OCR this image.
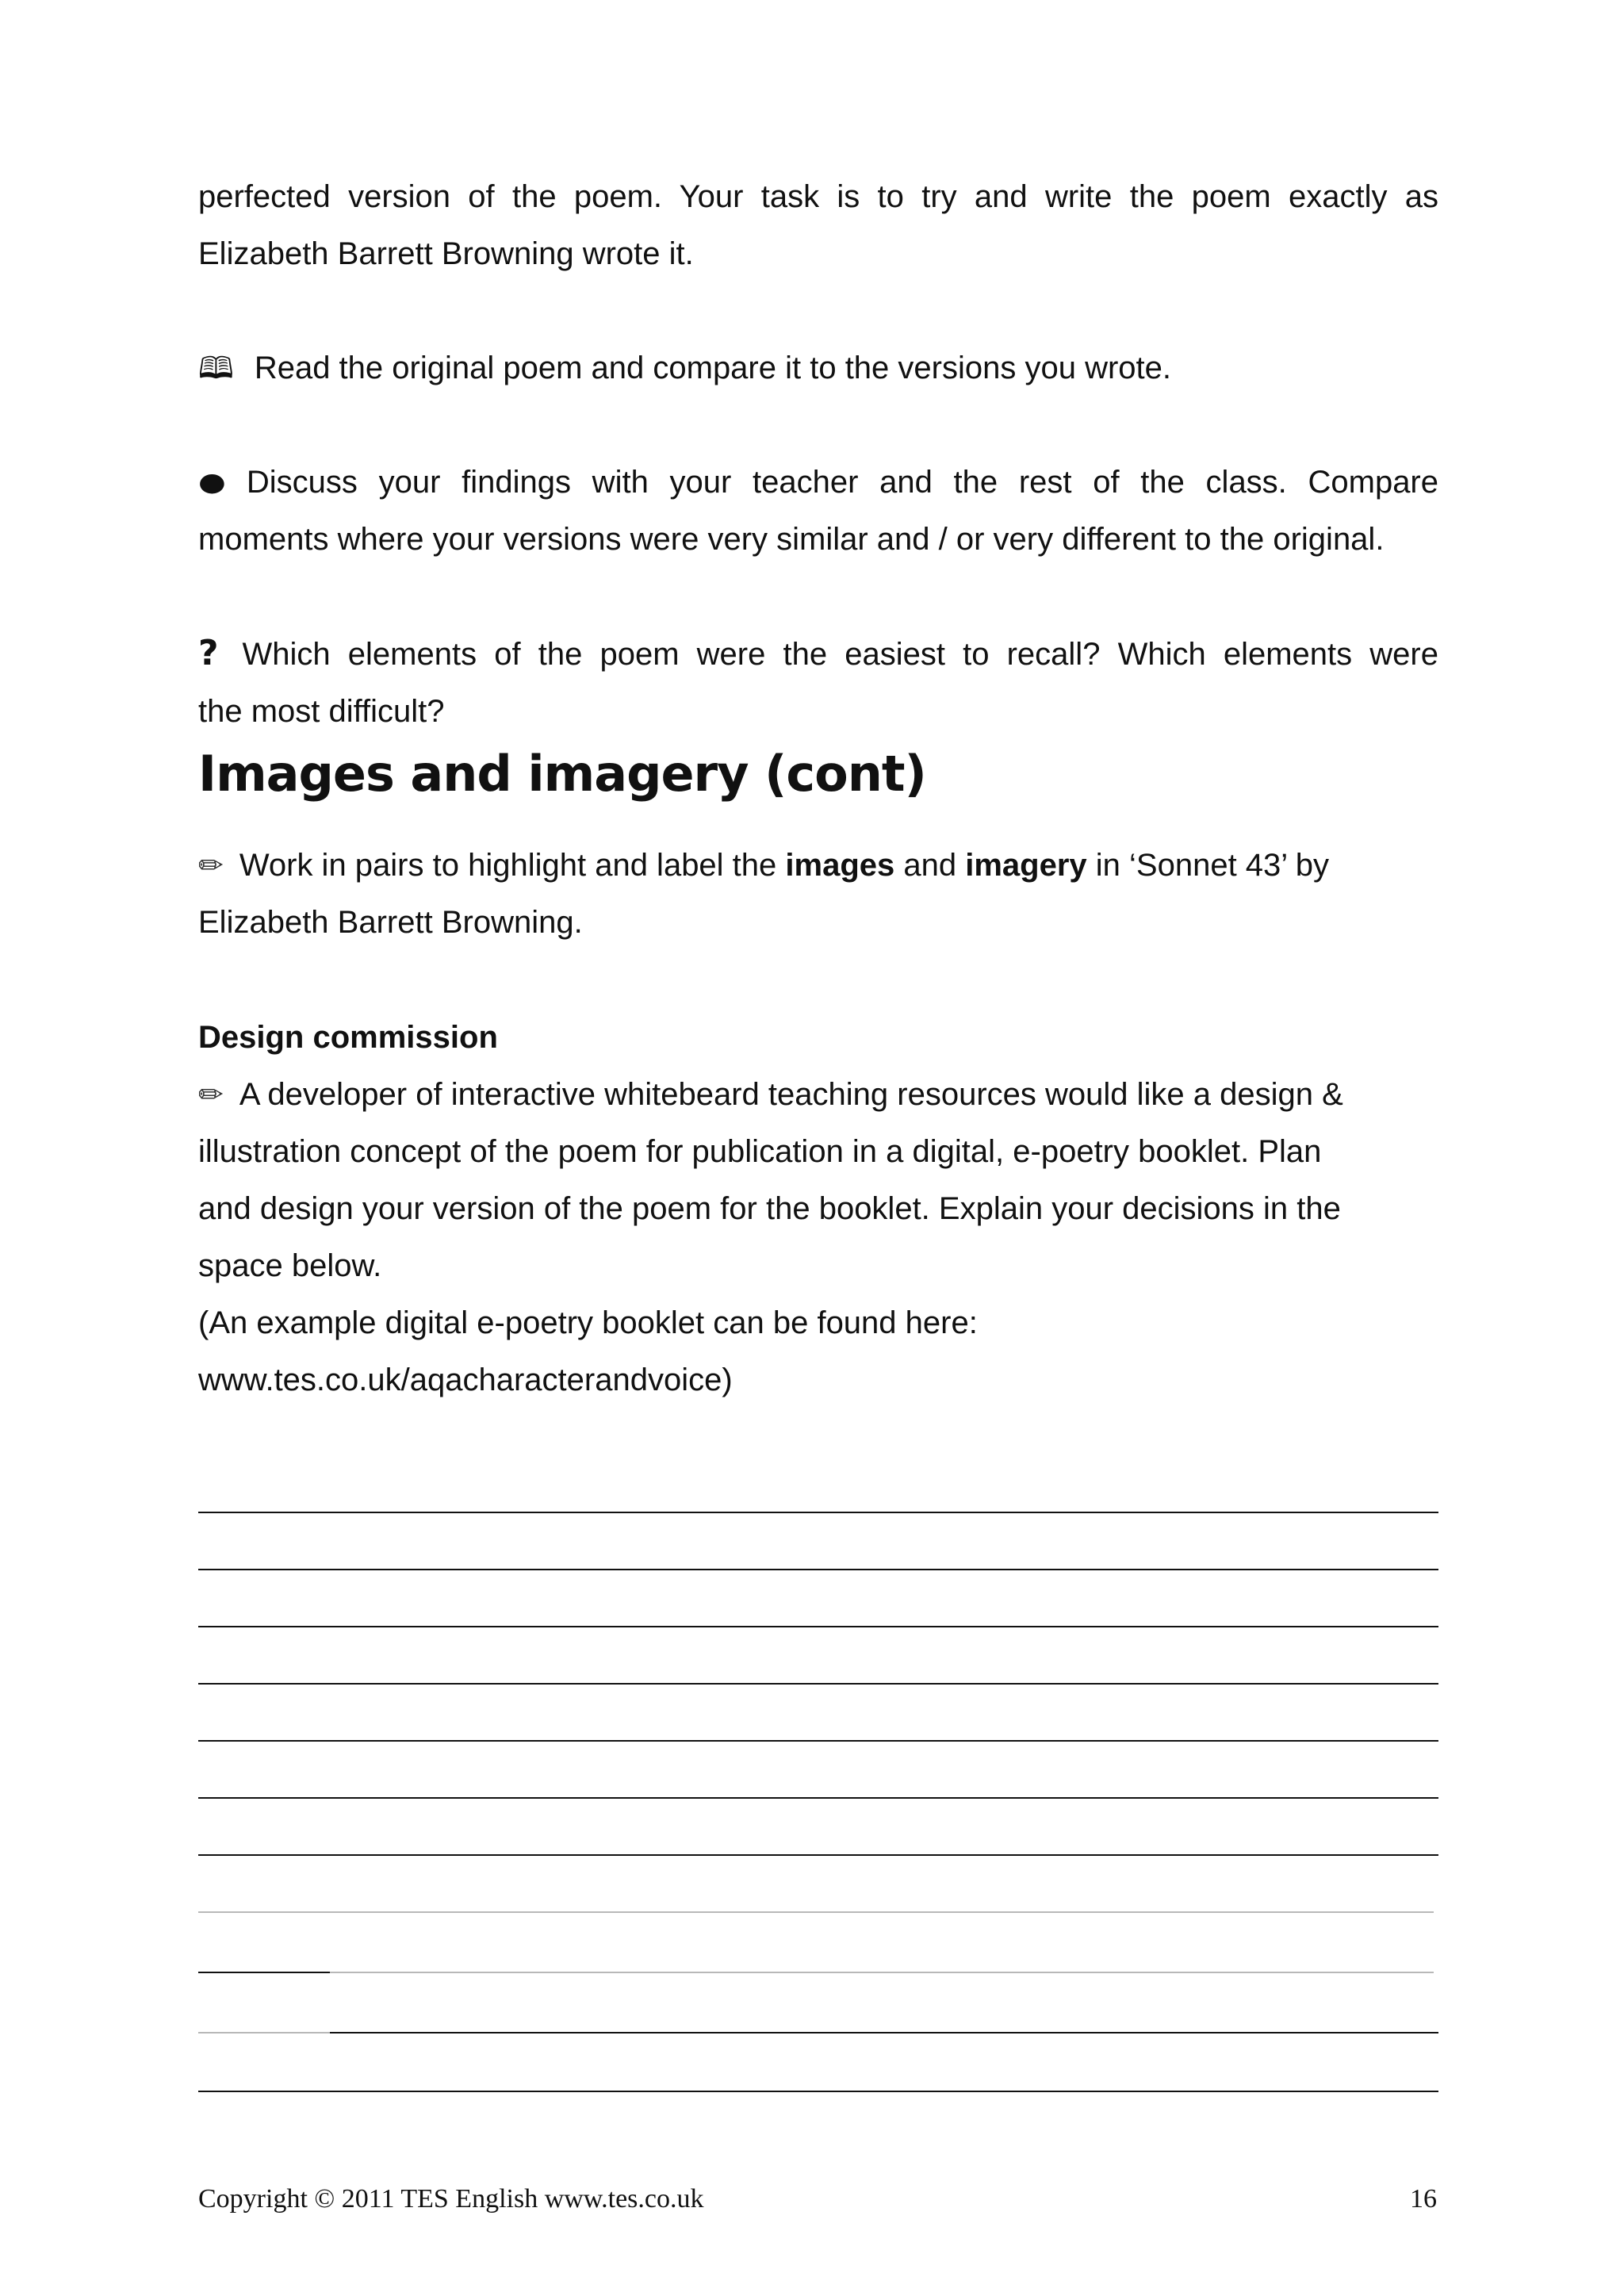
perfected version of the poem. Your task is to try and write the poem exactly as
Elizabeth Barrett Browning wrote it.
🕮 Read the original poem and compare it to the versions you wrote.
● Discuss your findings with your teacher and the rest of the class. Compare
moments where your versions were very similar and / or very different to the original.
? Which elements of the poem were the easiest to recall? Which elements were
the most difficult?
Images and imagery (cont)
✏ Work in pairs to highlight and label the images and imagery in ‘Sonnet 43’ by
Elizabeth Barrett Browning.
Design commission
✏ A developer of interactive whitebeard teaching resources would like a design &
illustration concept of the poem for publication in a digital, e-poetry booklet. Plan
and design your version of the poem for the booklet. Explain your decisions in the
space below.
(An example digital e-poetry booklet can be found here:
www.tes.co.uk/aqacharacterandvoice)
Copyright © 2011 TES English www.tes.co.uk	16
